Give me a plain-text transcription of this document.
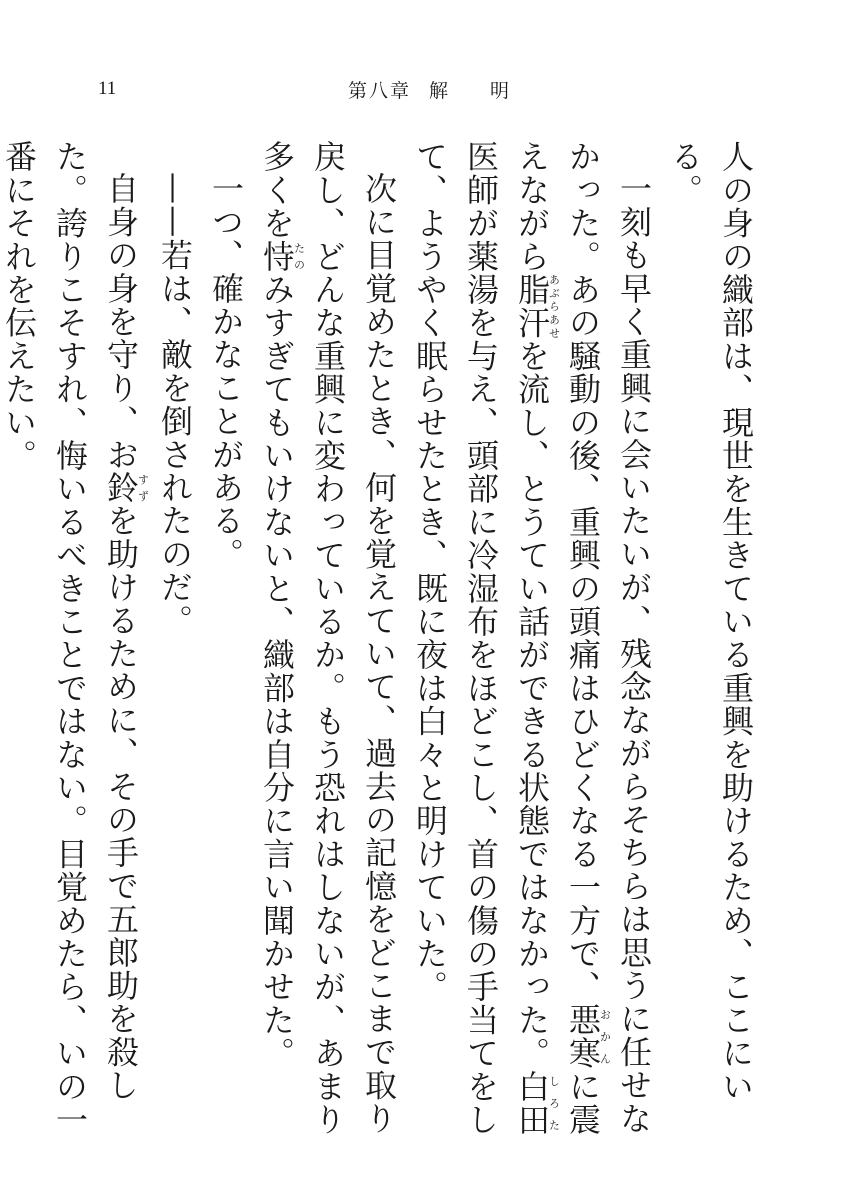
11	第八章 解 明

人の身の織部は、現世を生きている重興を助けるため、ここにいる。

一刻も早く重興に会いたいが、残念ながらそちらは思うに任せなかった。あの騒動の後、重興の頭痛はひどくなる一方で、悪寒おかんに震えながら脂汗あぶらあせを流し、とうてい話ができる状態ではなかった。白田しろた医師が薬湯を与え、頭部に冷湿布をほどこし、首の傷の手当てをして、ようやく眠らせたとき、既に夜は白々と明けていた。

次に目覚めたとき、何を覚えていて、過去の記憶をどこまで取り戻し、どんな重興に変わっているか。もう恐れはしないが、あまり多くを恃たのみすぎてもいけないと、織部は自分に言い聞かせた。

一つ、確かなことがある。

——若は、敵を倒されたのだ。

自身の身を守り、お鈴すずを助けるために、その手で五郎助を殺した。誇りこそすれ、悔いるべきことではない。目覚めたら、いの一番にそれを伝えたい。
